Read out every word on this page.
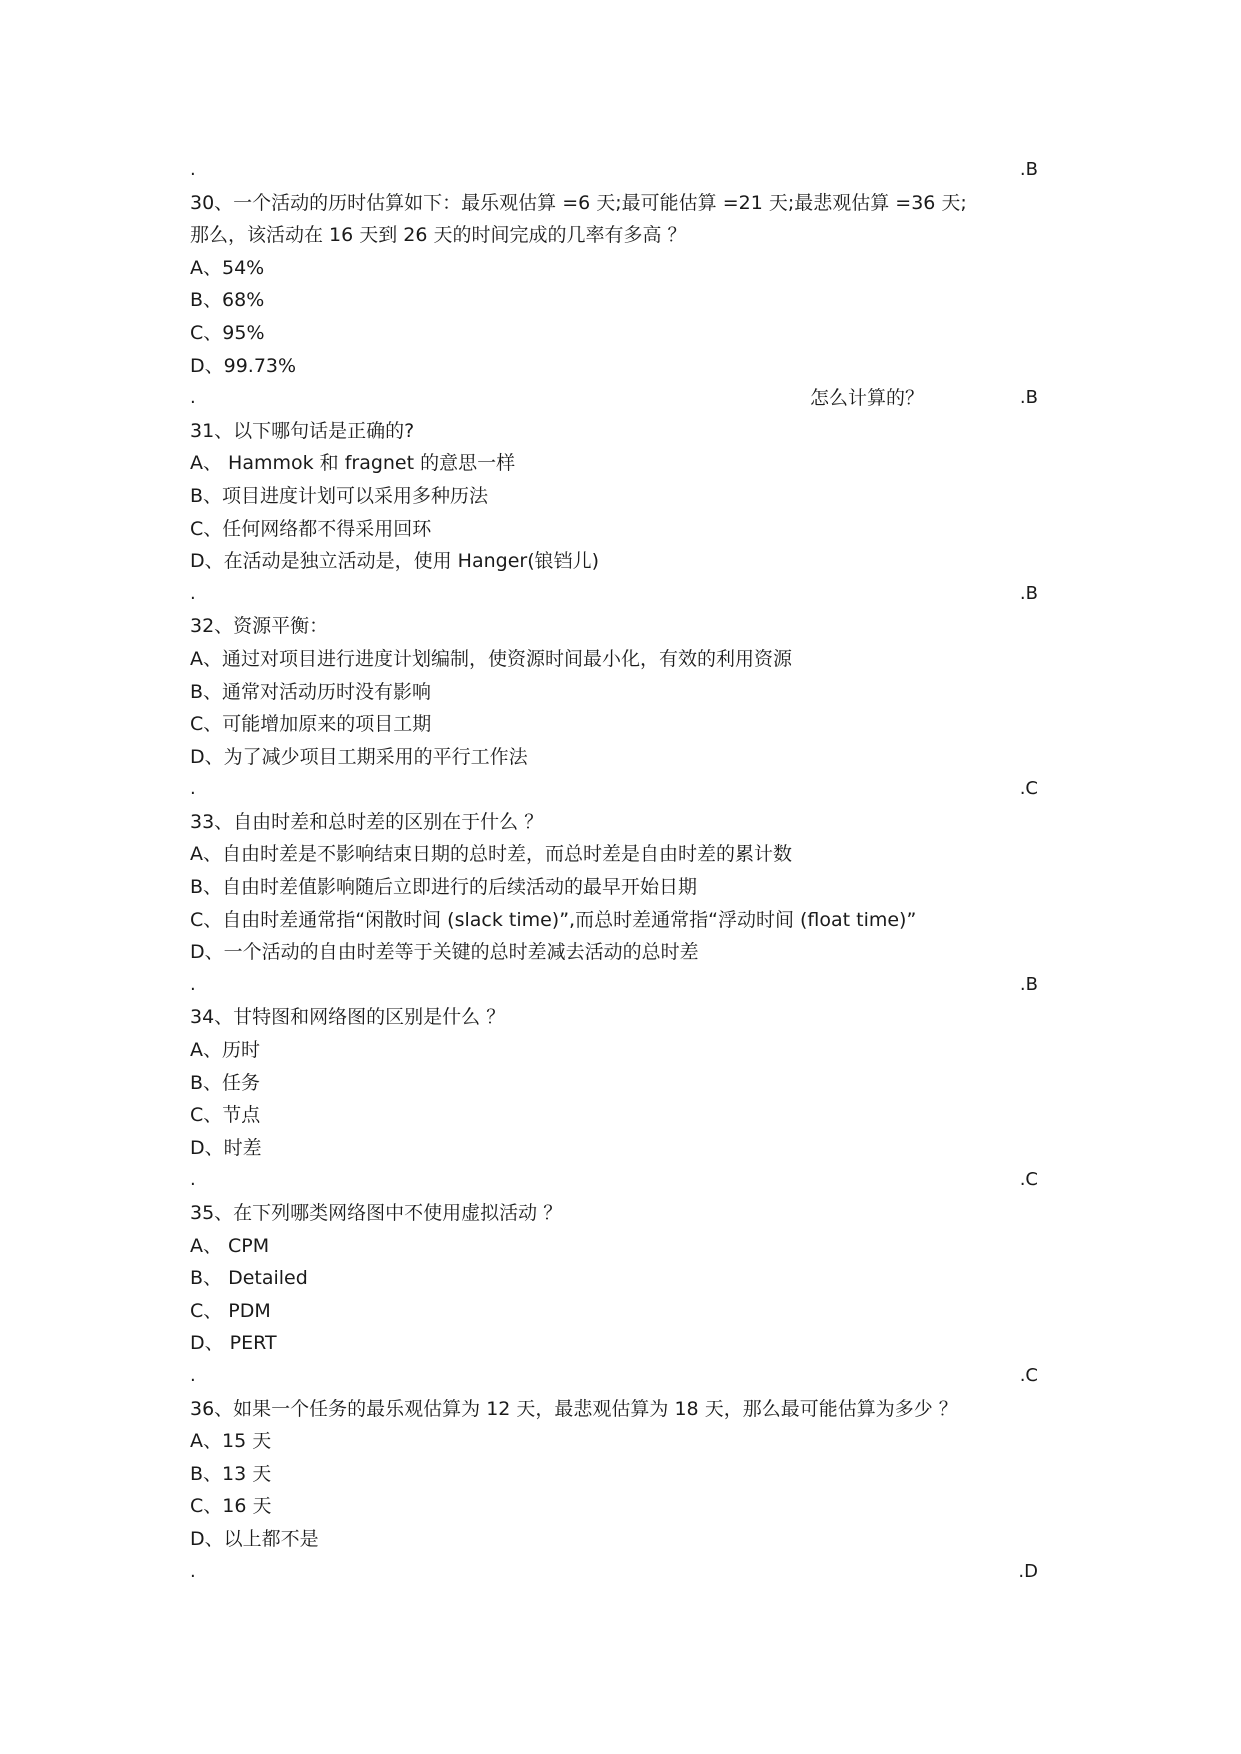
.	.B
30、一个活动的历时估算如下：最乐观估算 =6 天;最可能估算 =21 天;最悲观估算 =36 天;
那么，该活动在 16 天到 26 天的时间完成的几率有多高 ？
A、54%
B、68%
C、95%
D、99.73%
.	怎么计算的？	.B
31、以下哪句话是正确的?
A、 Hammok 和 fragnet 的意思一样
B、项目进度计划可以采用多种历法
C、任何网络都不得采用回环
D、在活动是独立活动是，使用 Hanger(锒铛儿)
.	.B
32、资源平衡：
A、通过对项目进行进度计划编制，使资源时间最小化，有效的利用资源
B、通常对活动历时没有影响
C、可能增加原来的项目工期
D、为了减少项目工期采用的平行工作法
.	.C
33、自由时差和总时差的区别在于什么 ？
A、自由时差是不影响结束日期的总时差，而总时差是自由时差的累计数
B、自由时差值影响随后立即进行的后续活动的最早开始日期
C、自由时差通常指“闲散时间 (slack time)”,而总时差通常指“浮动时间 (float time)”
D、一个活动的自由时差等于关键的总时差减去活动的总时差
.	.B
34、甘特图和网络图的区别是什么 ？
A、历时
B、任务
C、节点
D、时差
.	.C
35、在下列哪类网络图中不使用虚拟活动 ？
A、 CPM
B、 Detailed
C、 PDM
D、 PERT
.	.C
36、如果一个任务的最乐观估算为 12 天，最悲观估算为 18 天，那么最可能估算为多少 ？
A、15 天
B、13 天
C、16 天
D、以上都不是
.	.D
